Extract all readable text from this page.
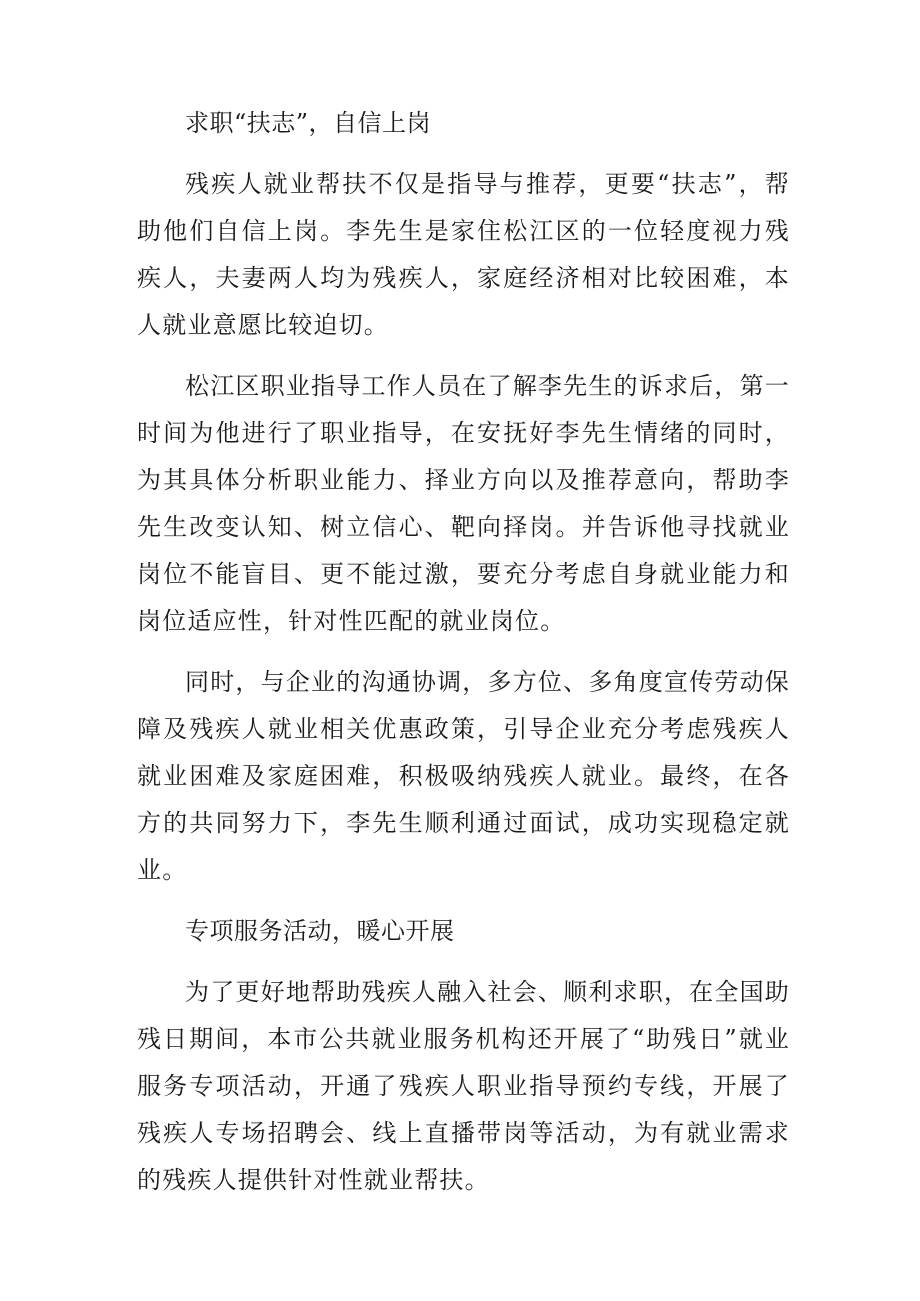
求职“扶志”，自信上岗

残疾人就业帮扶不仅是指导与推荐，更要“扶志”，帮助他们自信上岗。李先生是家住松江区的一位轻度视力残疾人，夫妻两人均为残疾人，家庭经济相对比较困难，本人就业意愿比较迫切。

松江区职业指导工作人员在了解李先生的诉求后，第一时间为他进行了职业指导，在安抚好李先生情绪的同时，为其具体分析职业能力、择业方向以及推荐意向，帮助李先生改变认知、树立信心、靶向择岗。并告诉他寻找就业岗位不能盲目、更不能过激，要充分考虑自身就业能力和岗位适应性，针对性匹配的就业岗位。

同时，与企业的沟通协调，多方位、多角度宣传劳动保障及残疾人就业相关优惠政策，引导企业充分考虑残疾人就业困难及家庭困难，积极吸纳残疾人就业。最终，在各方的共同努力下，李先生顺利通过面试，成功实现稳定就业。

专项服务活动，暖心开展

为了更好地帮助残疾人融入社会、顺利求职，在全国助残日期间，本市公共就业服务机构还开展了“助残日”就业服务专项活动，开通了残疾人职业指导预约专线，开展了残疾人专场招聘会、线上直播带岗等活动，为有就业需求的残疾人提供针对性就业帮扶。
